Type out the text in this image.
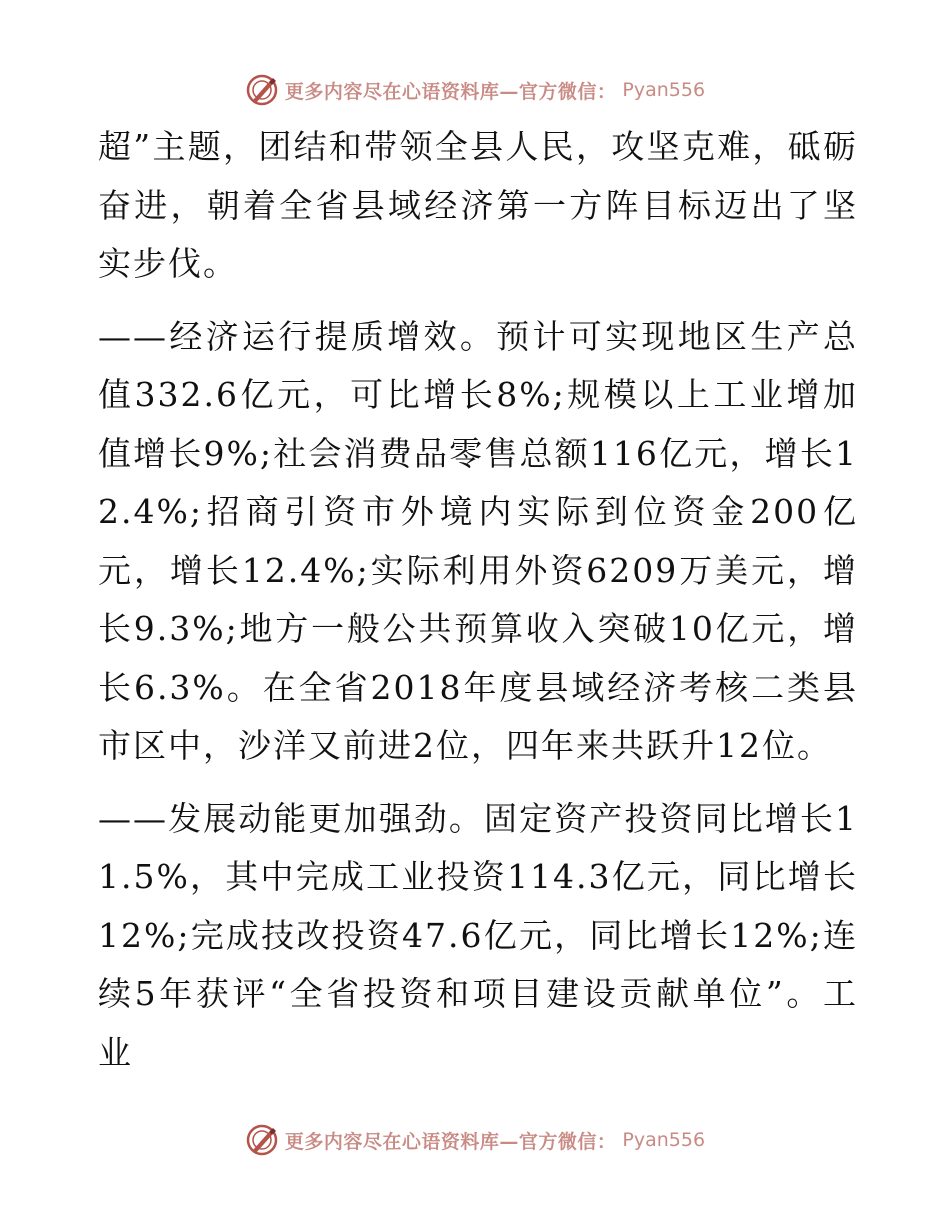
更多内容尽在心语资料库—官方微信： Pyan556

超”主题，团结和带领全县人民，攻坚克难，砥砺奋进，朝着全省县域经济第一方阵目标迈出了坚实步伐。

——经济运行提质增效。预计可实现地区生产总值332.6亿元，可比增长8%;规模以上工业增加值增长9%;社会消费品零售总额116亿元，增长12.4%;招商引资市外境内实际到位资金200亿元，增长12.4%;实际利用外资6209万美元，增长9.3%;地方一般公共预算收入突破10亿元，增长6.3%。在全省2018年度县域经济考核二类县市区中，沙洋又前进2位，四年来共跃升12位。

——发展动能更加强劲。固定资产投资同比增长11.5%，其中完成工业投资114.3亿元，同比增长12%;完成技改投资47.6亿元，同比增长12%;连续5年获评“全省投资和项目建设贡献单位”。工业

更多内容尽在心语资料库—官方微信： Pyan556
